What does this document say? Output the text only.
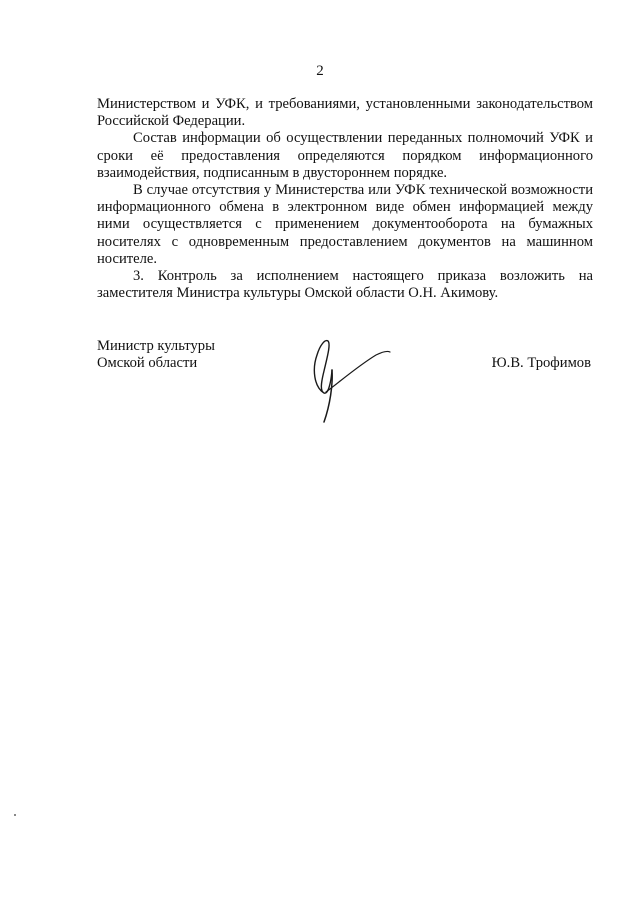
2

Министерством и УФК, и требованиями, установленными законодательством Российской Федерации.

Состав информации об осуществлении переданных полномочий УФК и сроки её предоставления определяются порядком информационного взаимодействия, подписанным в двустороннем порядке.

В случае отсутствия у Министерства или УФК технической возможности информационного обмена в электронном виде обмен информацией между ними осуществляется с применением документооборота на бумажных носителях с одновременным предоставлением документов на машинном носителе.

3. Контроль за исполнением настоящего приказа возложить на заместителя Министра культуры Омской области О.Н. Акимову.

Министр культуры
Омской области	Ю.В. Трофимов
